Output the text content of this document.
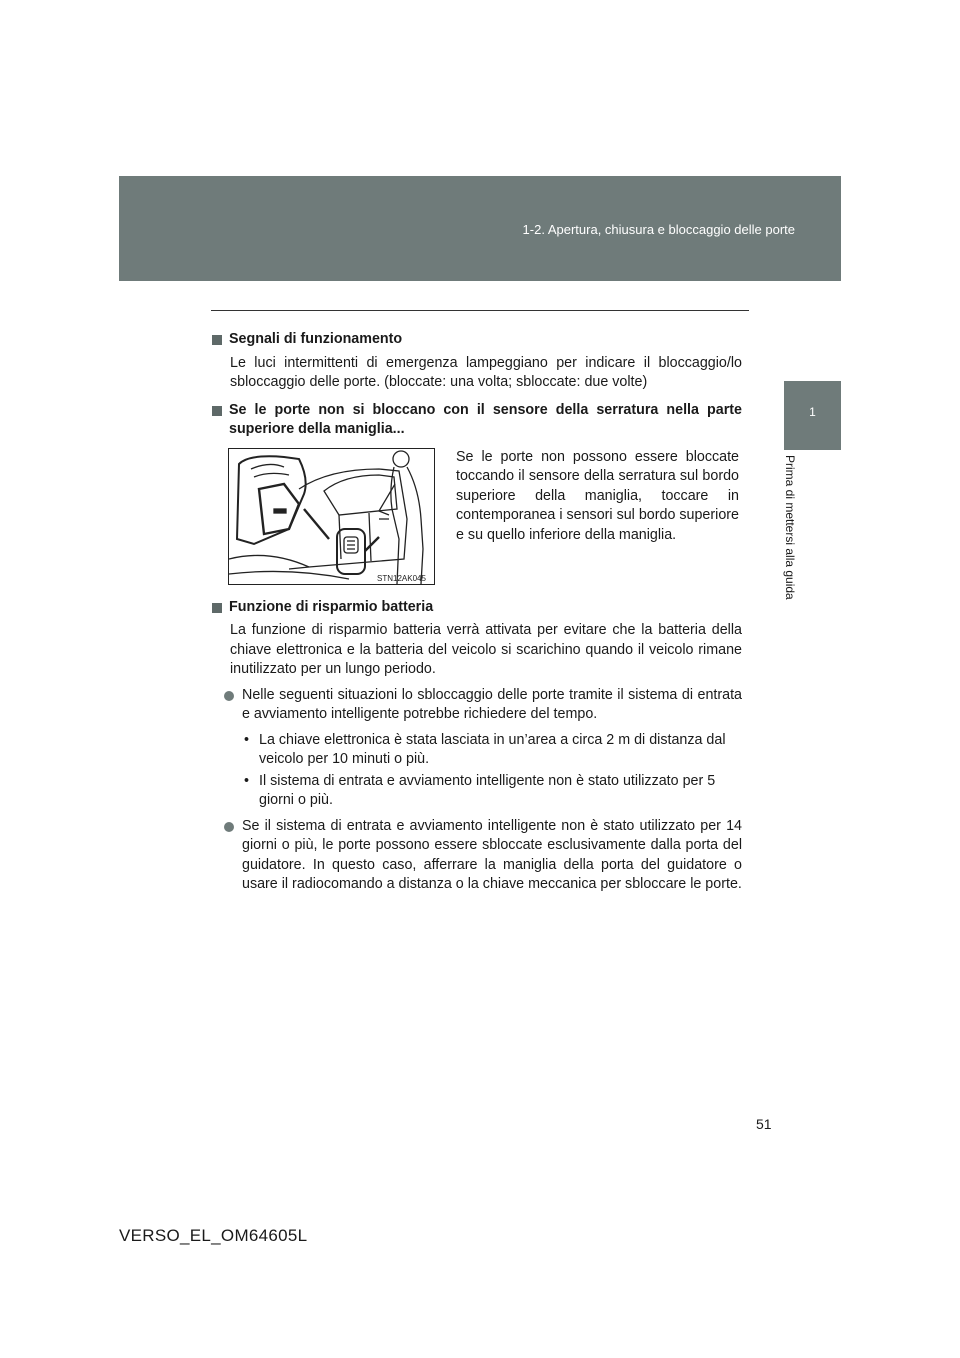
1-2. Apertura, chiusura e bloccaggio delle porte
1
Prima di mettersi alla guida

Segnali di funzionamento

Le luci intermittenti di emergenza lampeggiano per indicare il bloccaggio/lo sbloccaggio delle porte. (bloccate: una volta; sbloccate: due volte)

Se le porte non si bloccano con il sensore della serratura nella parte superiore della maniglia...

STN12AK045

Se le porte non possono essere bloccate toccando il sensore della serratura sul bordo superiore della maniglia, toccare in contemporanea i sensori sul bordo superiore e su quello inferiore della maniglia.

Funzione di risparmio batteria

La funzione di risparmio batteria verrà attivata per evitare che la batteria della chiave elettronica e la batteria del veicolo si scarichino quando il veicolo rimane inutilizzato per un lungo periodo.

Nelle seguenti situazioni lo sbloccaggio delle porte tramite il sistema di entrata e avviamento intelligente potrebbe richiedere del tempo.
• La chiave elettronica è stata lasciata in un’area a circa 2 m di distanza dal veicolo per 10 minuti o più.
• Il sistema di entrata e avviamento intelligente non è stato utilizzato per 5 giorni o più.
Se il sistema di entrata e avviamento intelligente non è stato utilizzato per 14 giorni o più, le porte possono essere sbloccate esclusivamente dalla porta del guidatore. In questo caso, afferrare la maniglia della porta del guidatore o usare il radiocomando a distanza o la chiave meccanica per sbloccare le porte.
51
VERSO_EL_OM64605L
